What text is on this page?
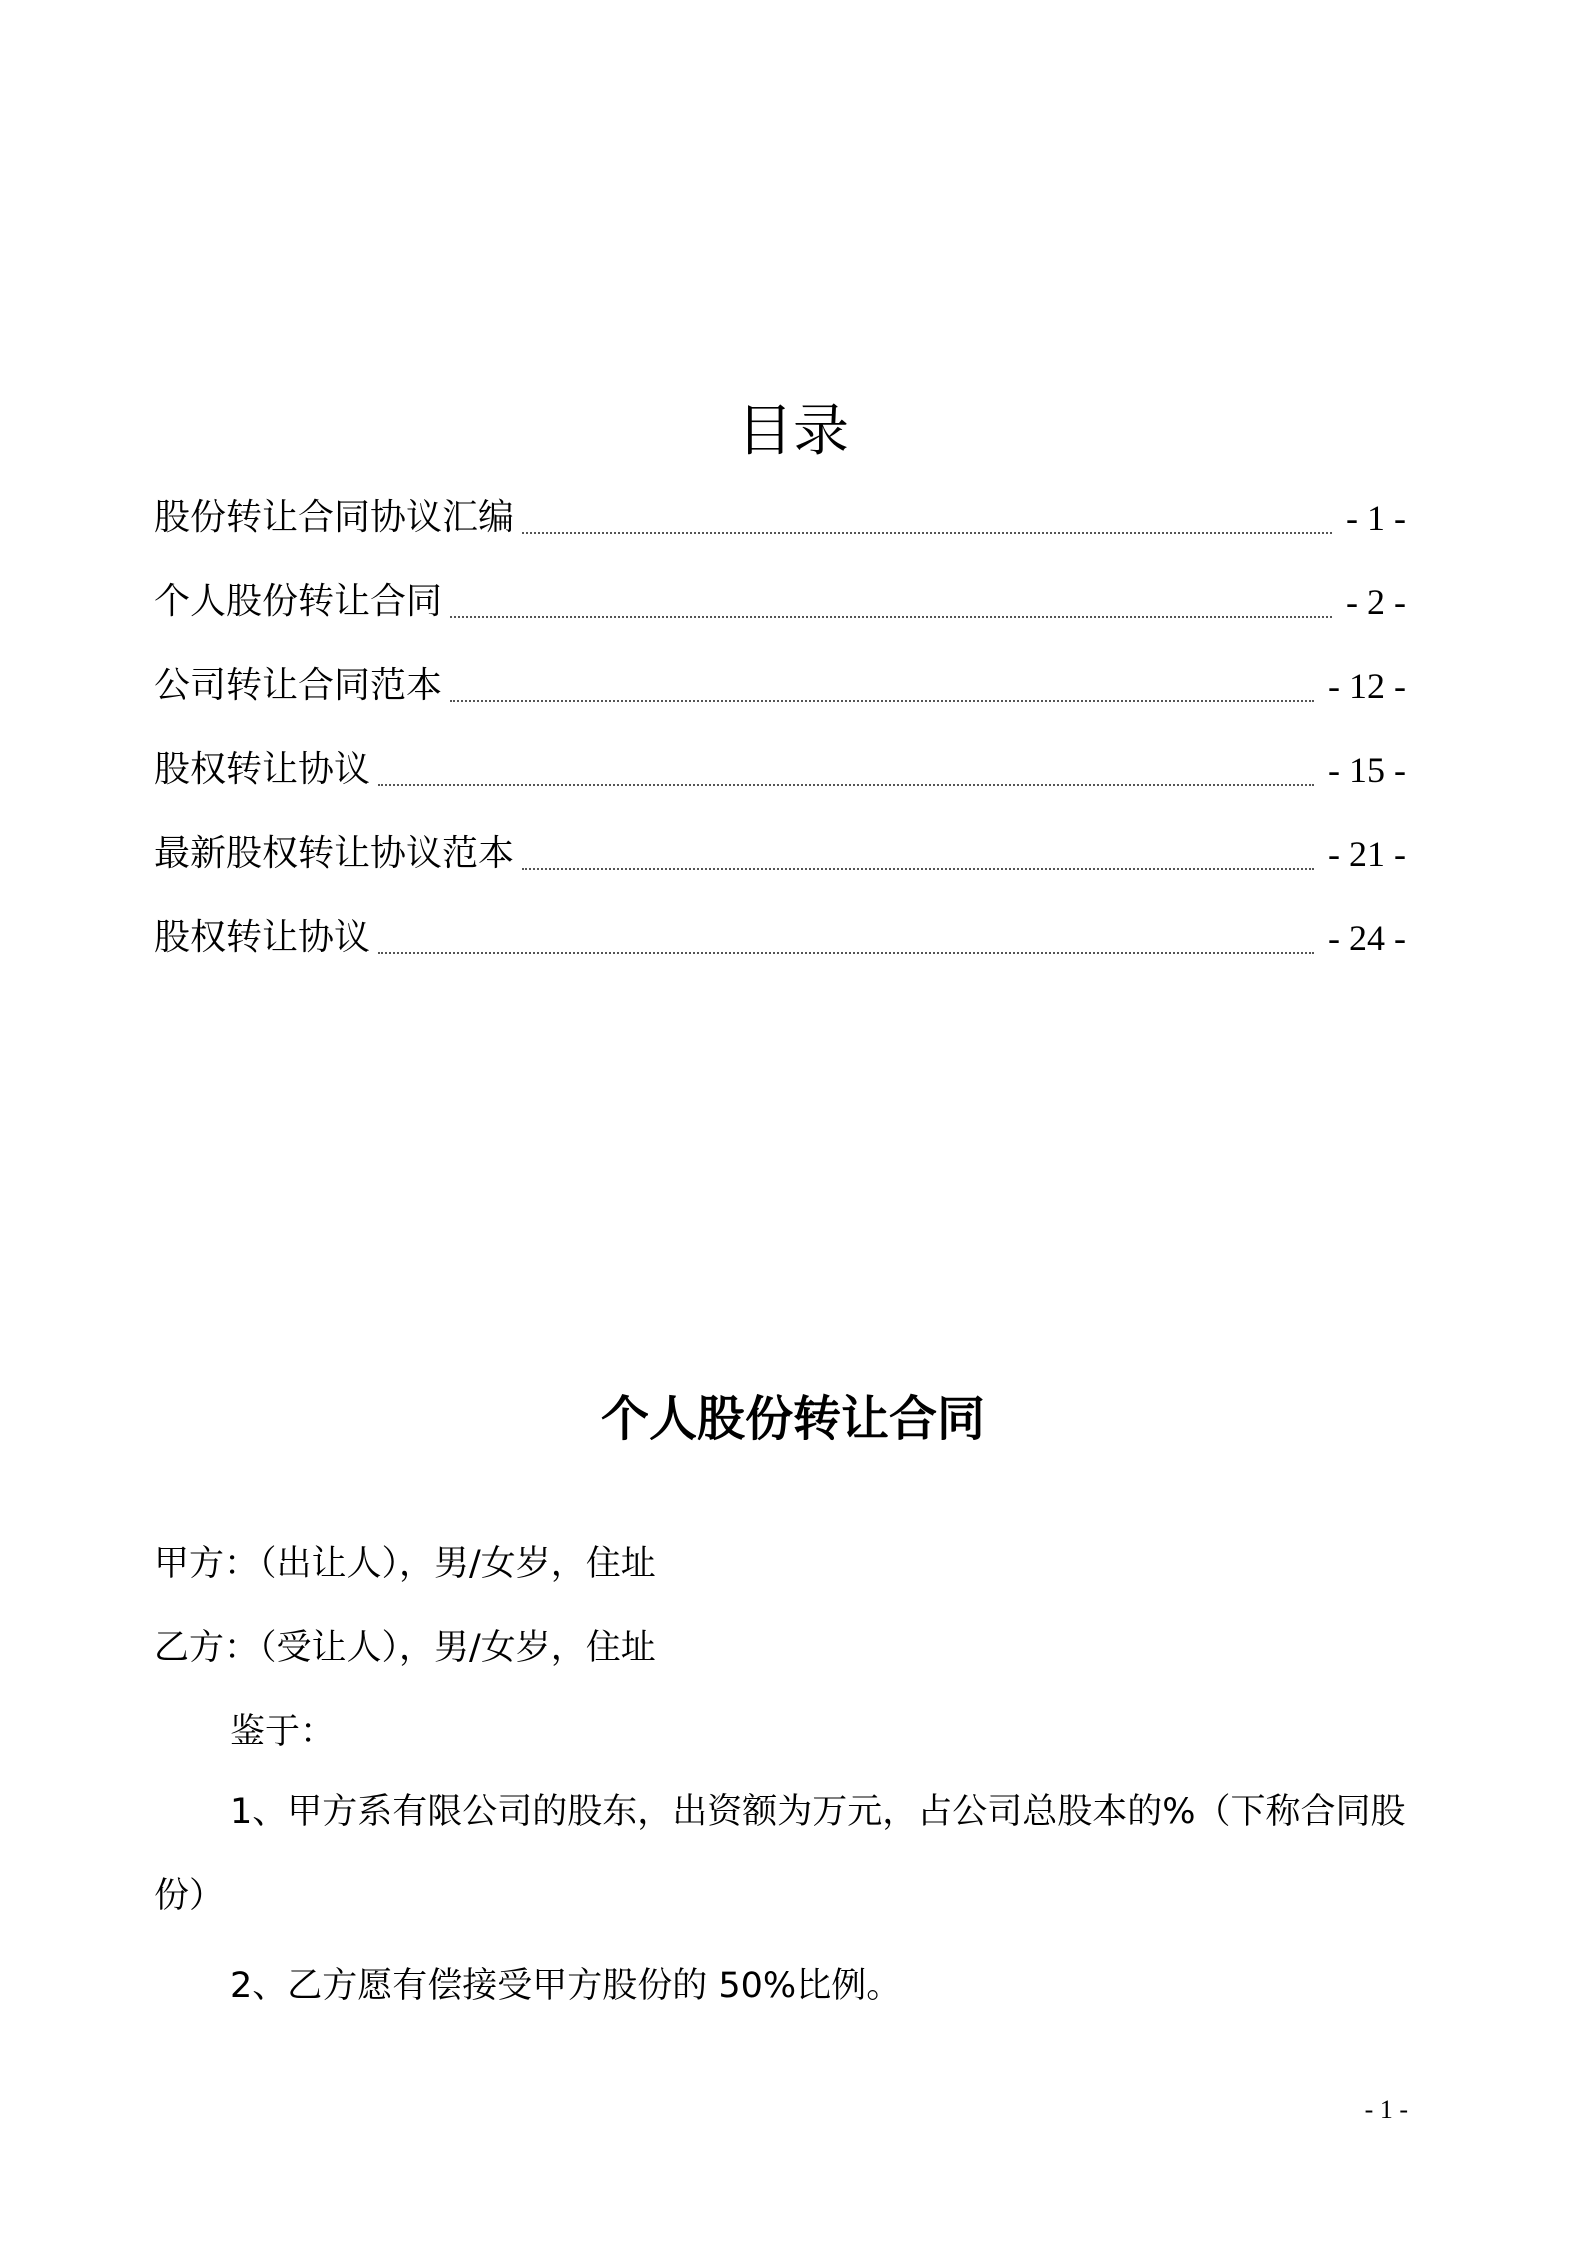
目录
股份转让合同协议汇编	- 1 -
个人股份转让合同	- 2 -
公司转让合同范本	- 12 -
股权转让协议	- 15 -
最新股权转让协议范本	- 21 -
股权转让协议	- 24 -
个人股份转让合同
甲方：（出让人），男/女岁，住址
乙方：（受让人），男/女岁，住址
鉴于：
1、甲方系有限公司的股东，出资额为万元，占公司总股本的%（下称合同股份）
2、乙方愿有偿接受甲方股份的 50%比例。
- 1 -
